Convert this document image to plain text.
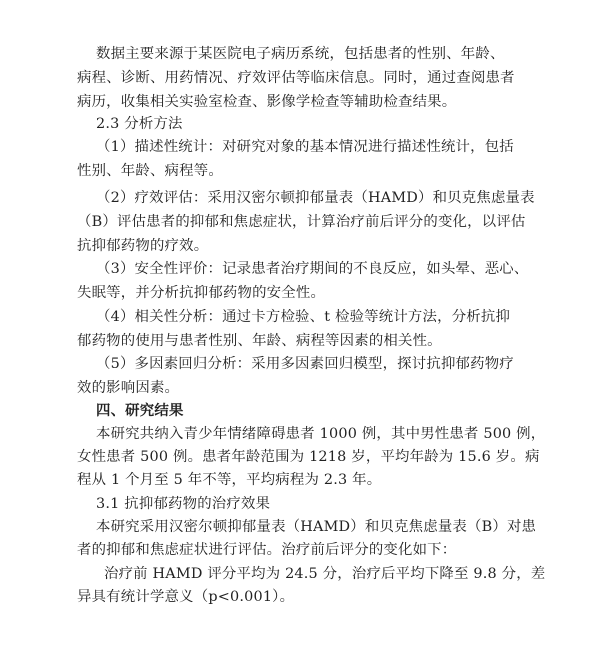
数据主要来源于某医院电子病历系统，包括患者的性别、年龄、
病程、诊断、用药情况、疗效评估等临床信息。同时，通过查阅患者
病历，收集相关实验室检查、影像学检查等辅助检查结果。
2.3 分析方法
（1）描述性统计：对研究对象的基本情况进行描述性统计，包括
性别、年龄、病程等。
（2）疗效评估：采用汉密尔顿抑郁量表（HAMD）和贝克焦虑量表
（B）评估患者的抑郁和焦虑症状，计算治疗前后评分的变化，以评估
抗抑郁药物的疗效。
（3）安全性评价：记录患者治疗期间的不良反应，如头晕、恶心、
失眠等，并分析抗抑郁药物的安全性。
（4）相关性分析：通过卡方检验、t 检验等统计方法，分析抗抑
郁药物的使用与患者性别、年龄、病程等因素的相关性。
（5）多因素回归分析：采用多因素回归模型，探讨抗抑郁药物疗
效的影响因素。
四、研究结果
本研究共纳入青少年情绪障碍患者 1000 例，其中男性患者 500 例，
女性患者 500 例。患者年龄范围为 1218 岁，平均年龄为 15.6 岁。病
程从 1 个月至 5 年不等，平均病程为 2.3 年。
3.1 抗抑郁药物的治疗效果
本研究采用汉密尔顿抑郁量表（HAMD）和贝克焦虑量表（B）对患
者的抑郁和焦虑症状进行评估。治疗前后评分的变化如下：
治疗前 HAMD 评分平均为 24.5 分，治疗后平均下降至 9.8 分，差
异具有统计学意义（p<0.001）。
